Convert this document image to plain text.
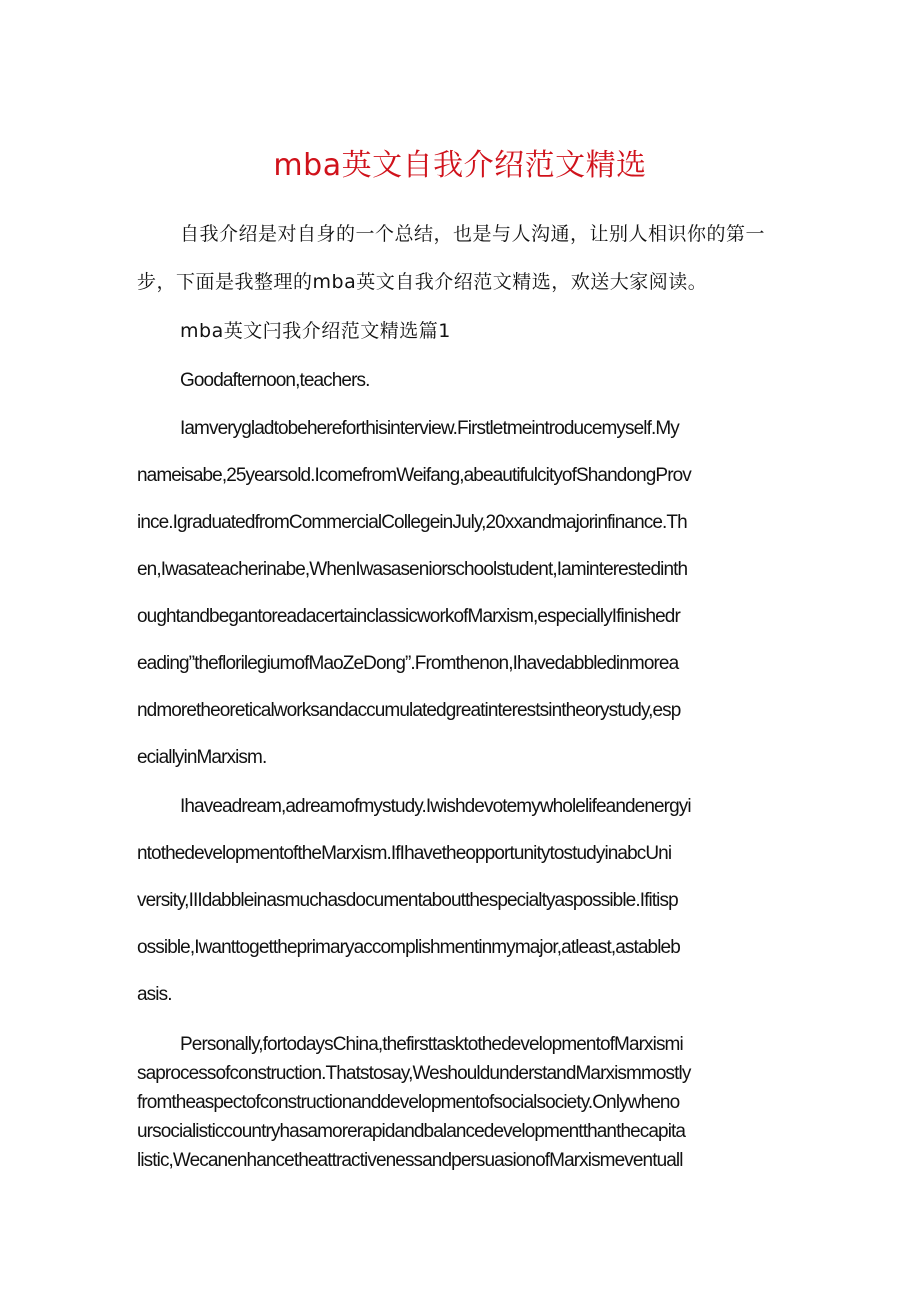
mba英文自我介绍范文精选
自我介绍是对自身的一个总结，也是与人沟通，让别人相识你的第一
步，下面是我整理的mba英文自我介绍范文精选，欢送大家阅读。
mba英文闩我介绍范文精选篇1
Goodafternoon,teachers.
Iamverygladtobehereforthisinterview.Firstletmeintroducemyself.My
nameisabe,25yearsold.IcomefromWeifang,abeautifulcityofShandongProv
ince.IgraduatedfromCommercialCollegeinJuly,20xxandmajorinfinance.Th
en,Iwasateacherinabe,WhenIwasaseniorschoolstudent,Iaminterestedinth
oughtandbegantoreadacertainclassicworkofMarxism,especiallyIfinishedr
eading”theflorilegiumofMaoZeDong”.Fromthenon,Ihavedabbledinmorea
ndmoretheoreticalworksandaccumulatedgreatinterestsintheorystudy,esp
eciallyinMarxism.
Ihaveadream,adreamofmystudy.Iwishdevotemywholelifeandenergyi
ntothedevelopmentoftheMarxism.IfIhavetheopportunitytostudyinabcUni
versity,IIIdabbleinasmuchasdocumentaboutthespecialtyaspossible.Ifitisp
ossible,Iwanttogettheprimaryaccomplishmentinmymajor,atleast,astableb
asis.
Personally,fortodaysChina,thefirsttasktothedevelopmentofMarxismi
saprocessofconstruction.Thatstosay,WeshouldunderstandMarxismmostly
fromtheaspectofconstructionanddevelopmentofsocialsociety.Onlywheno
ursocialisticcountryhasamorerapidandbalancedevelopmentthanthecapita
listic,WecanenhancetheattractivenessandpersuasionofMarxismeventuall
